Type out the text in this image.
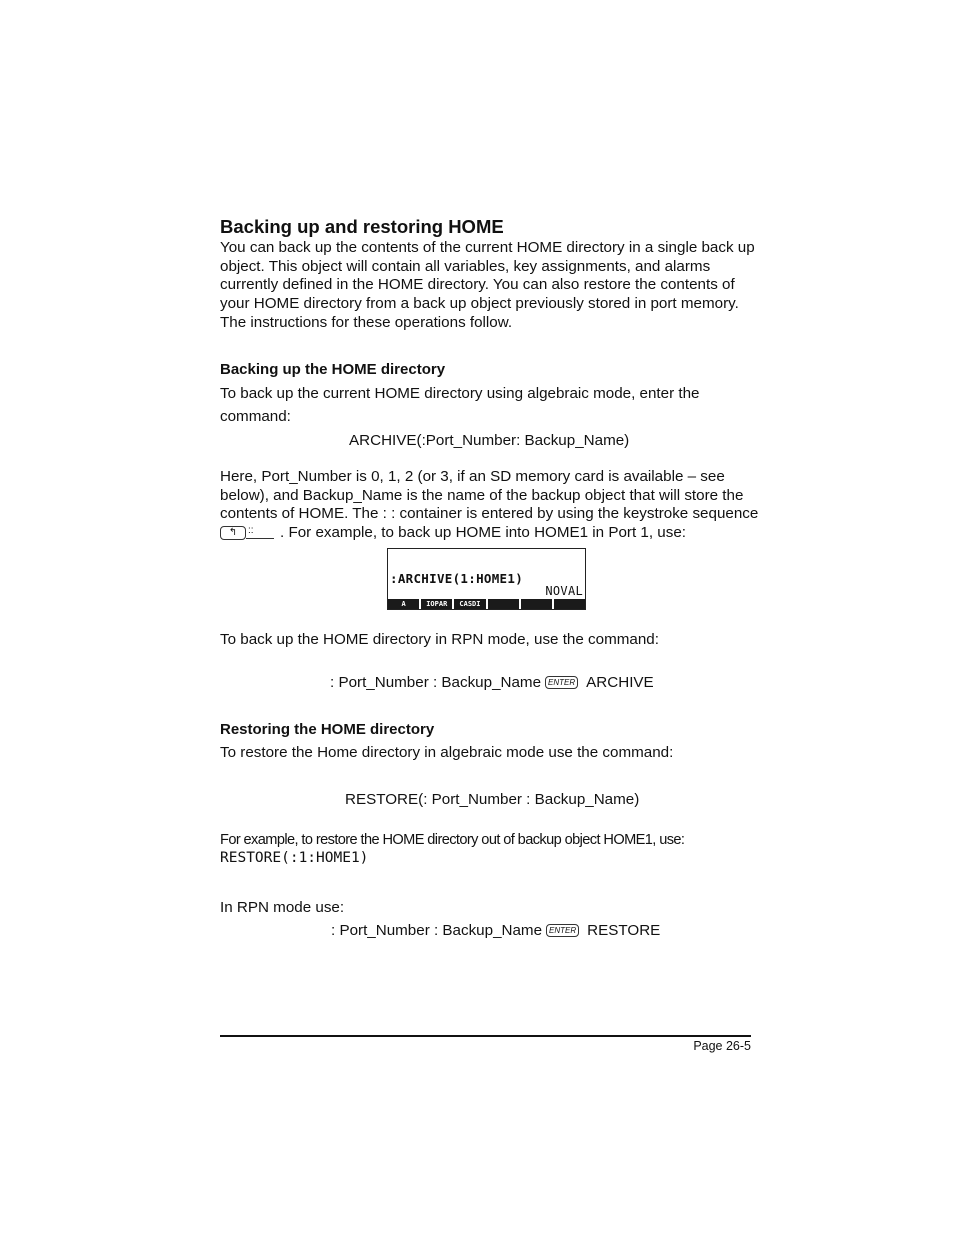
Backing up and restoring HOME
You can back up the contents of the current HOME directory in a single back up
object. This object will contain all variables, key assignments, and alarms
currently defined in the HOME directory. You can also restore the contents of
your HOME directory from a back up object previously stored in port memory.
The instructions for these operations follow.
Backing up the HOME directory
To back up the current HOME directory using algebraic mode, enter the
command:
ARCHIVE(:Port_Number: Backup_Name)
Here, Port_Number is 0, 1, 2 (or 3, if an SD memory card is available – see
below), and Backup_Name is the name of the backup object that will store the
contents of HOME. The : : container is entered by using the keystroke sequence
↰ :: . For example, to back up HOME into HOME1 in Port 1, use:
:ARCHIVE(1:HOME1)
NOVAL
A	IOPAR	CASDI
To back up the HOME directory in RPN mode, use the command:
: Port_Number : Backup_Name ENTER ARCHIVE
Restoring the HOME directory
To restore the Home directory in algebraic mode use the command:
RESTORE(: Port_Number : Backup_Name)
For example, to restore the HOME directory out of backup object HOME1, use:
RESTORE(:1:HOME1)
In RPN mode use:
: Port_Number : Backup_Name ENTER RESTORE
Page 26-5
